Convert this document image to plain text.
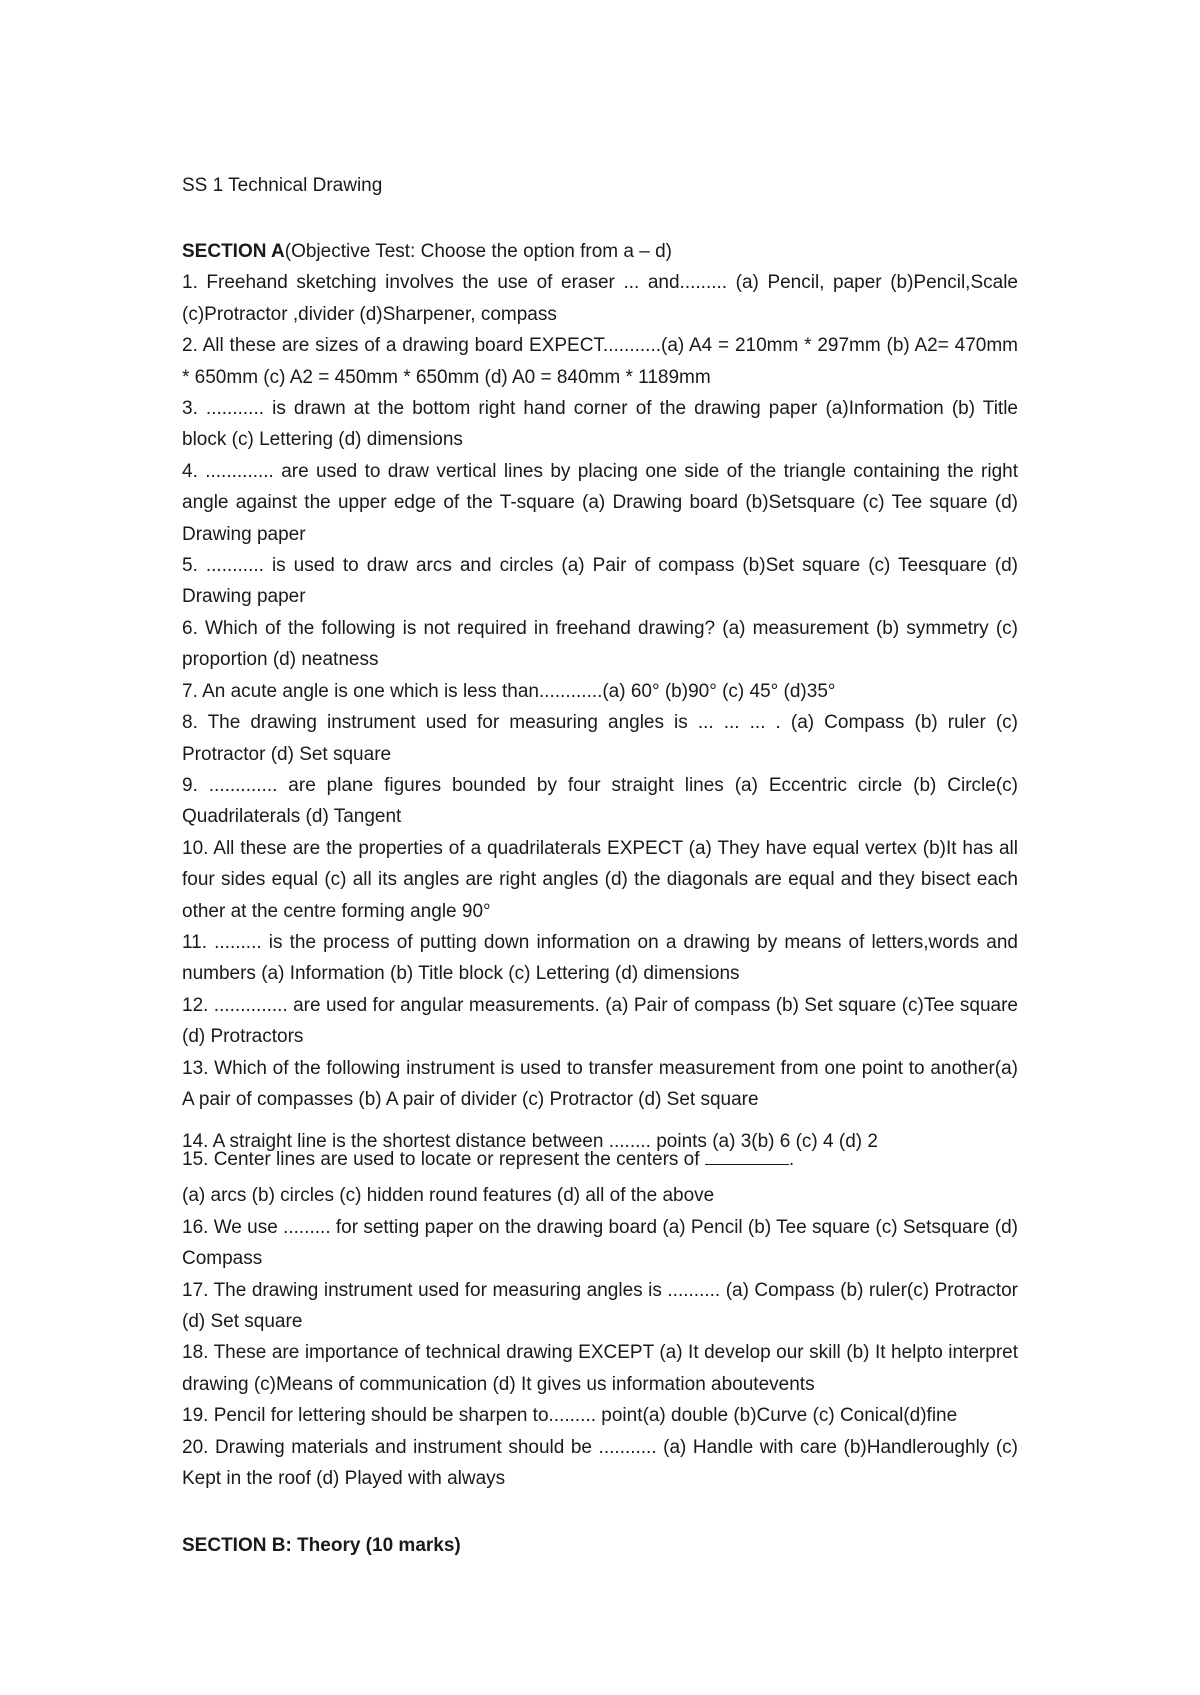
SS 1 Technical Drawing

SECTION A(Objective Test: Choose the option from a – d)

1. Freehand sketching involves the use of eraser ... and......... (a) Pencil, paper (b)Pencil,Scale (c)Protractor ,divider (d)Sharpener, compass

2. All these are sizes of a drawing board EXPECT...........(a) A4 = 210mm * 297mm (b) A2= 470mm * 650mm (c) A2 = 450mm * 650mm (d) A0 = 840mm * 1189mm

3. ........... is drawn at the bottom right hand corner of the drawing paper (a)Information (b) Title block (c) Lettering (d) dimensions

4. ............. are used to draw vertical lines by placing one side of the triangle containing the right angle against the upper edge of the T-square (a) Drawing board (b)Setsquare (c) Tee square (d) Drawing paper

5. ........... is used to draw arcs and circles (a) Pair of compass (b)Set square (c) Teesquare (d) Drawing paper

6. Which of the following is not required in freehand drawing? (a) measurement (b) symmetry (c) proportion (d) neatness

7. An acute angle is one which is less than............(a) 60° (b)90° (c) 45° (d)35°

8. The drawing instrument used for measuring angles is ... ... ... . (a) Compass (b) ruler (c) Protractor (d) Set square

9. ............. are plane figures bounded by four straight lines (a) Eccentric circle (b) Circle(c) Quadrilaterals (d) Tangent

10. All these are the properties of a quadrilaterals EXPECT (a) They have equal vertex (b)It has all four sides equal (c) all its angles are right angles (d) the diagonals are equal and they bisect each other at the centre forming angle 90°

11. ......... is the process of putting down information on a drawing by means of letters,words and numbers (a) Information (b) Title block (c) Lettering (d) dimensions

12. .............. are used for angular measurements. (a) Pair of compass (b) Set square (c)Tee square (d) Protractors

13. Which of the following instrument is used to transfer measurement from one point to another(a) A pair of compasses (b) A pair of divider (c) Protractor (d) Set square

14. A straight line is the shortest distance between ........ points (a) 3(b) 6 (c) 4 (d) 2

15. Center lines are used to locate or represent the centers of	.

(a) arcs (b) circles (c) hidden round features (d) all of the above

16. We use ......... for setting paper on the drawing board (a) Pencil (b) Tee square (c) Setsquare (d) Compass

17. The drawing instrument used for measuring angles is .......... (a) Compass (b) ruler(c) Protractor (d) Set square

18. These are importance of technical drawing EXCEPT (a) It develop our skill (b) It helpto interpret drawing (c)Means of communication (d) It gives us information aboutevents

19. Pencil for lettering should be sharpen to......... point(a) double (b)Curve (c) Conical(d)fine

20. Drawing materials and instrument should be ........... (a) Handle with care (b)Handleroughly (c) Kept in the roof (d) Played with always

SECTION B: Theory (10 marks)
